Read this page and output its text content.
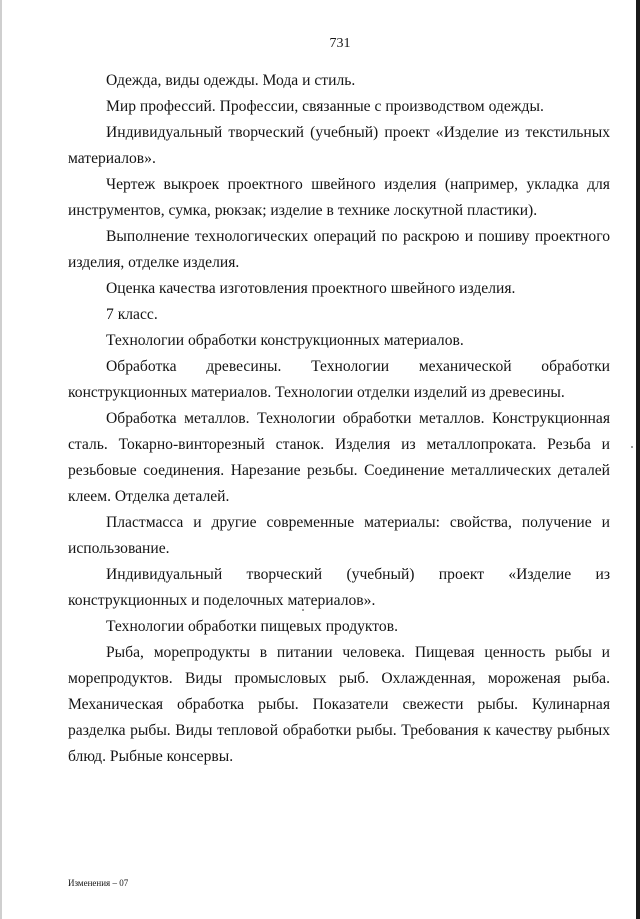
731

Одежда, виды одежды. Мода и стиль.

Мир профессий. Профессии, связанные с производством одежды.

Индивидуальный творческий (учебный) проект «Изделие из текстильных материалов».

Чертеж выкроек проектного швейного изделия (например, укладка для инструментов, сумка, рюкзак; изделие в технике лоскутной пластики).

Выполнение технологических операций по раскрою и пошиву проектного изделия, отделке изделия.

Оценка качества изготовления проектного швейного изделия.

7 класс.

Технологии обработки конструкционных материалов.

Обработка древесины. Технологии механической обработки конструкционных материалов. Технологии отделки изделий из древесины.

Обработка металлов. Технологии обработки металлов. Конструкционная сталь. Токарно-винторезный станок. Изделия из металлопроката. Резьба и резьбовые соединения. Нарезание резьбы. Соединение металлических деталей клеем. Отделка деталей.

Пластмасса и другие современные материалы: свойства, получение и использование.

Индивидуальный творческий (учебный) проект «Изделие из конструкционных и поделочных материалов».

Технологии обработки пищевых продуктов.

Рыба, морепродукты в питании человека. Пищевая ценность рыбы и морепродуктов. Виды промысловых рыб. Охлажденная, мороженая рыба. Механическая обработка рыбы. Показатели свежести рыбы. Кулинарная разделка рыбы. Виды тепловой обработки рыбы. Требования к качеству рыбных блюд. Рыбные консервы.

Изменения – 07
